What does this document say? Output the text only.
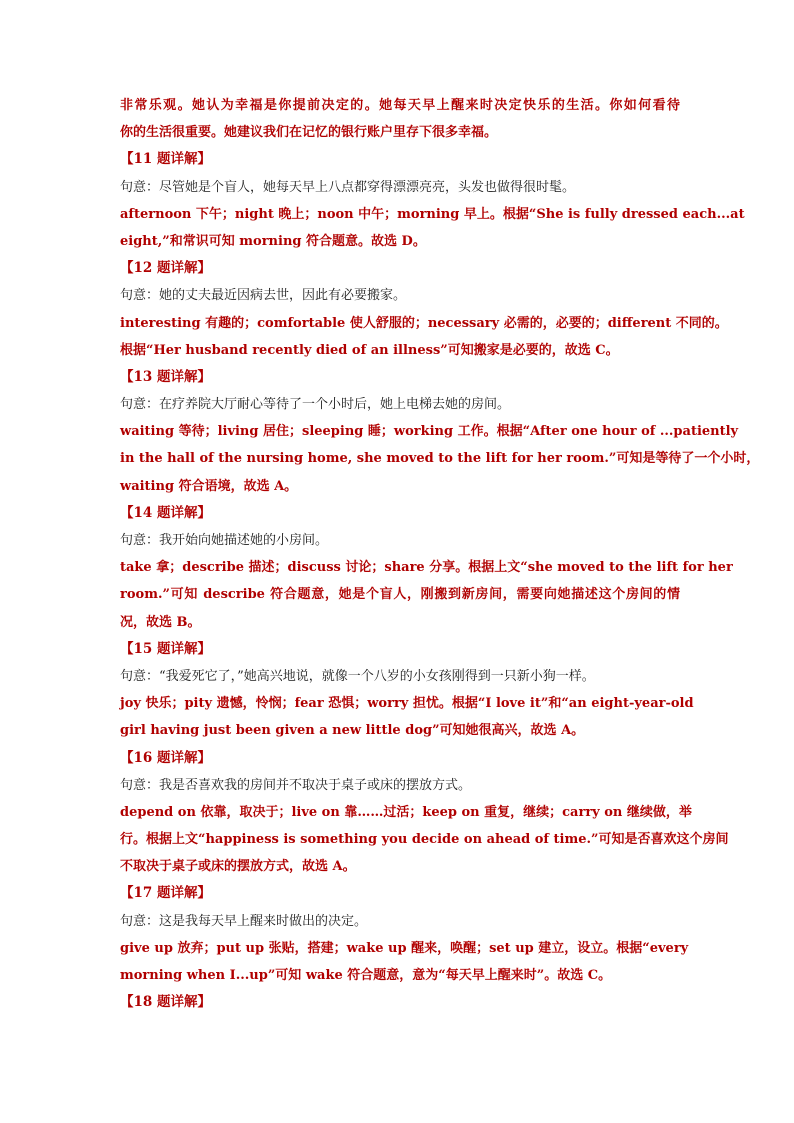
非常乐观。她认为幸福是你提前决定的。她每天早上醒来时决定快乐的生活。你如何看待
你的生活很重要。她建议我们在记忆的银行账户里存下很多幸福。
【11 题详解】
句意：尽管她是个盲人，她每天早上八点都穿得漂漂亮亮，头发也做得很时髦。
afternoon 下午；night 晚上；noon 中午；morning 早上。根据“She is fully dressed each...at
eight,”和常识可知 morning 符合题意。故选 D。
【12 题详解】
句意：她的丈夫最近因病去世，因此有必要搬家。
interesting 有趣的；comfortable 使人舒服的；necessary 必需的，必要的；different 不同的。
根据“Her husband recently died of an illness”可知搬家是必要的，故选 C。
【13 题详解】
句意：在疗养院大厅耐心等待了一个小时后，她上电梯去她的房间。
waiting 等待；living 居住；sleeping 睡；working 工作。根据“After one hour of ...patiently
in the hall of the nursing home, she moved to the lift for her room.”可知是等待了一个小时，
waiting 符合语境，故选 A。
【14 题详解】
句意：我开始向她描述她的小房间。
take 拿；describe 描述；discuss 讨论；share 分享。根据上文“she moved to the lift for her
room.”可知 describe 符合题意，她是个盲人，刚搬到新房间，需要向她描述这个房间的情
况，故选 B。
【15 题详解】
句意：“我爱死它了，”她高兴地说，就像一个八岁的小女孩刚得到一只新小狗一样。
joy 快乐；pity 遗憾，怜悯；fear 恐惧；worry 担忧。根据“I love it”和“an eight-year-old
girl having just been given a new little dog”可知她很高兴，故选 A。
【16 题详解】
句意：我是否喜欢我的房间并不取决于桌子或床的摆放方式。
depend on 依靠，取决于；live on 靠……过活；keep on 重复，继续；carry on 继续做，举
行。根据上文“happiness is something you decide on ahead of time.”可知是否喜欢这个房间
不取决于桌子或床的摆放方式，故选 A。
【17 题详解】
句意：这是我每天早上醒来时做出的决定。
give up 放弃；put up 张贴，搭建；wake up 醒来，唤醒；set up 建立，设立。根据“every
morning when I...up”可知 wake 符合题意，意为“每天早上醒来时”。故选 C。
【18 题详解】
